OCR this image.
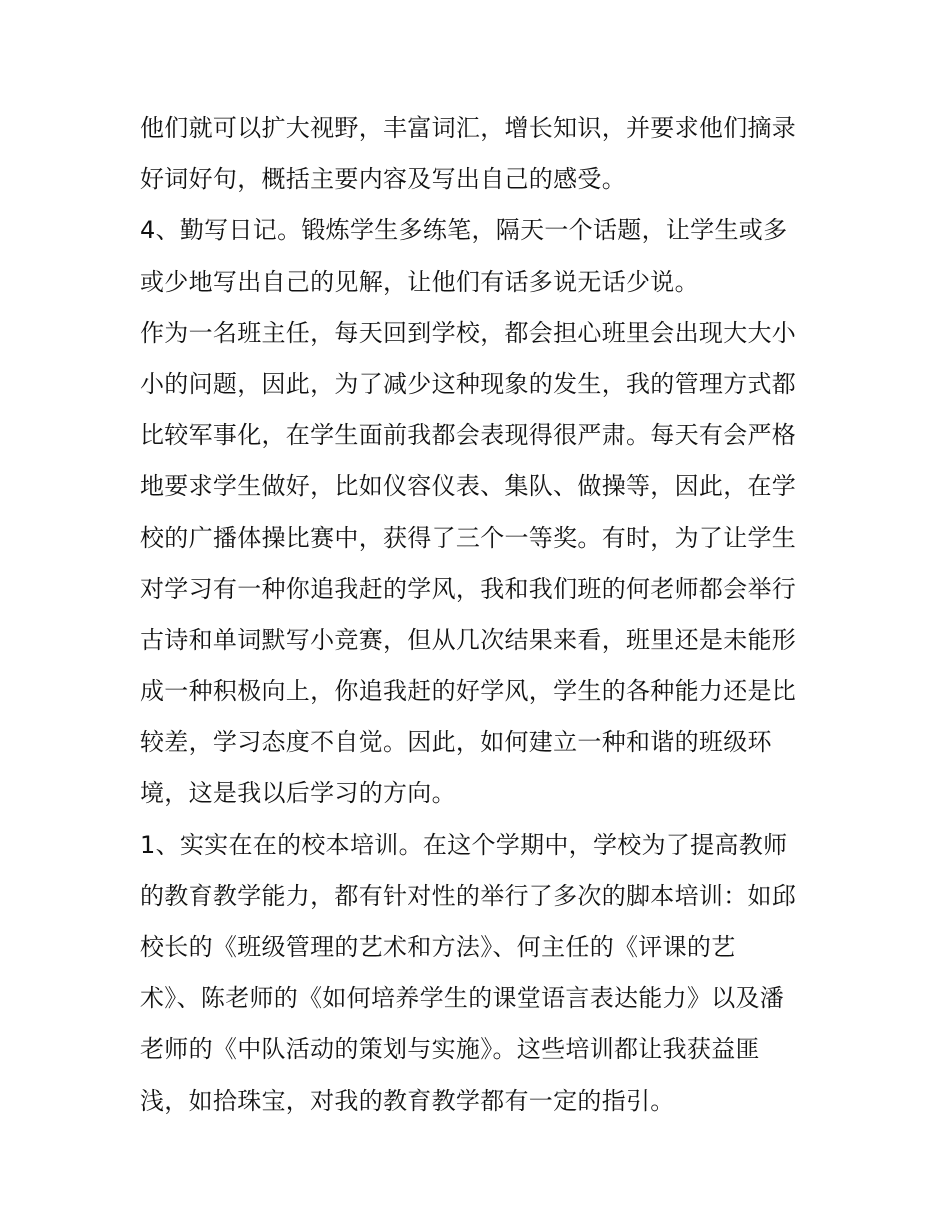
他们就可以扩大视野，丰富词汇，增长知识，并要求他们摘录
好词好句，概括主要内容及写出自己的感受。
4、勤写日记。锻炼学生多练笔，隔天一个话题，让学生或多
或少地写出自己的见解，让他们有话多说无话少说。
作为一名班主任，每天回到学校，都会担心班里会出现大大小
小的问题，因此，为了减少这种现象的发生，我的管理方式都
比较军事化，在学生面前我都会表现得很严肃。每天有会严格
地要求学生做好，比如仪容仪表、集队、做操等，因此，在学
校的广播体操比赛中，获得了三个一等奖。有时，为了让学生
对学习有一种你追我赶的学风，我和我们班的何老师都会举行
古诗和单词默写小竞赛，但从几次结果来看，班里还是未能形
成一种积极向上，你追我赶的好学风，学生的各种能力还是比
较差，学习态度不自觉。因此，如何建立一种和谐的班级环
境，这是我以后学习的方向。
1、实实在在的校本培训。在这个学期中，学校为了提高教师
的教育教学能力，都有针对性的举行了多次的脚本培训：如邱
校长的《班级管理的艺术和方法》、何主任的《评课的艺
术》、陈老师的《如何培养学生的课堂语言表达能力》以及潘
老师的《中队活动的策划与实施》。这些培训都让我获益匪
浅，如拾珠宝，对我的教育教学都有一定的指引。
